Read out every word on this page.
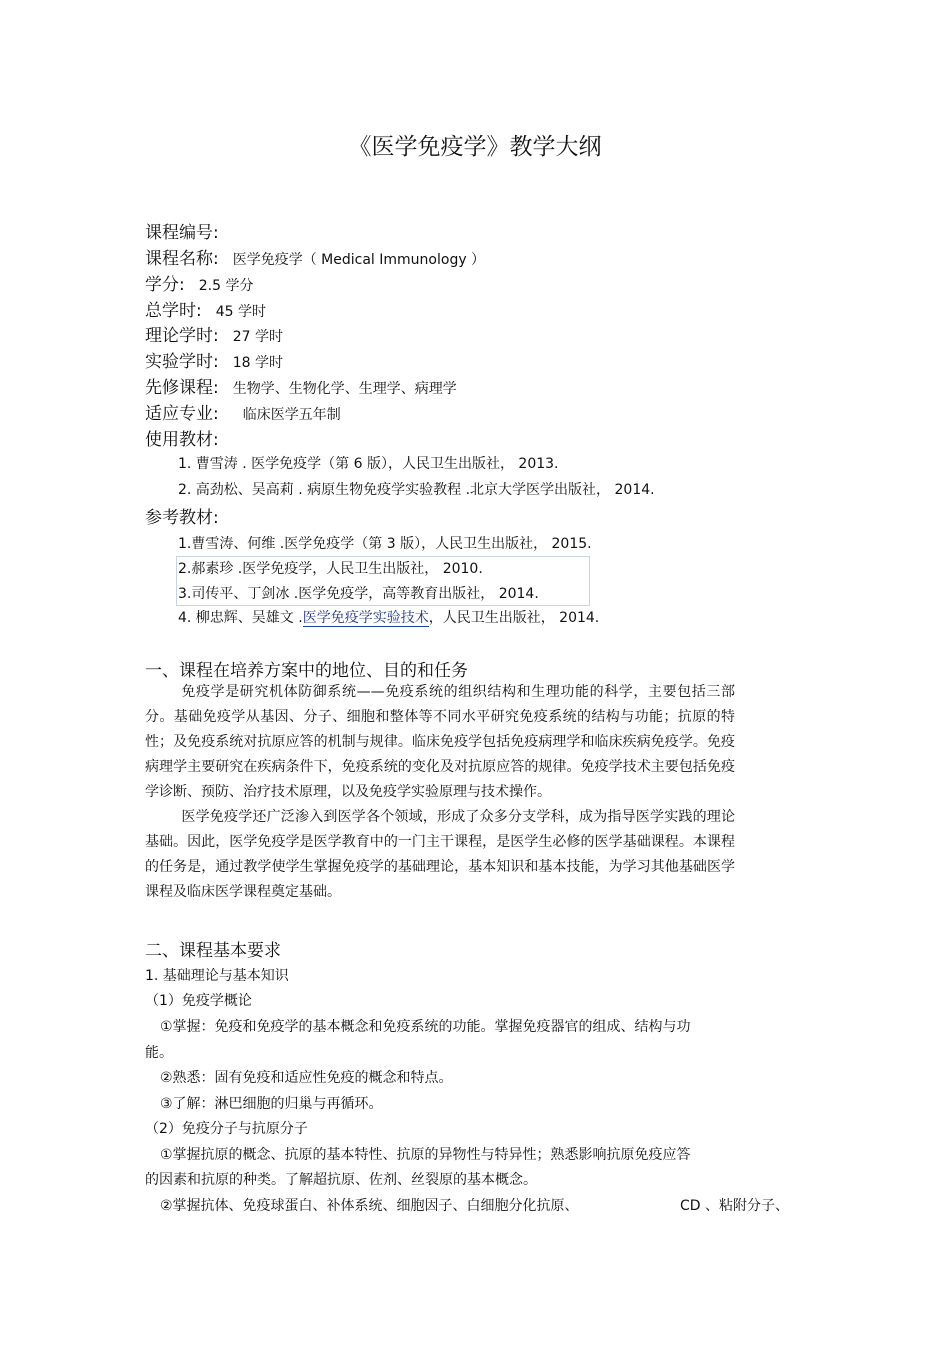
《医学免疫学》教学大纲
课程编号:
课程名称: 医学免疫学（ Medical Immunology ）
学分: 2.5 学分
总学时: 45 学时
理论学时: 27 学时
实验学时: 18 学时
先修课程: 生物学、生物化学、生理学、病理学
适应专业: 临床医学五年制
使用教材:
1. 曹雪涛 . 医学免疫学（第 6 版），人民卫生出版社， 2013.
2. 高劲松、吴高莉 . 病原生物免疫学实验教程 .北京大学医学出版社， 2014.
参考教材:
1.曹雪涛、何维 .医学免疫学（第 3 版），人民卫生出版社， 2015.
2.郝素珍 .医学免疫学，人民卫生出版社， 2010.
3.司传平、丁剑冰 .医学免疫学，高等教育出版社， 2014.
4. 柳忠辉、吴雄文 .医学免疫学实验技术，人民卫生出版社， 2014.
一、课程在培养方案中的地位、目的和任务

免疫学是研究机体防御系统——免疫系统的组织结构和生理功能的科学，主要包括三部分。基础免疫学从基因、分子、细胞和整体等不同水平研究免疫系统的结构与功能；抗原的特性；及免疫系统对抗原应答的机制与规律。临床免疫学包括免疫病理学和临床疾病免疫学。免疫病理学主要研究在疾病条件下，免疫系统的变化及对抗原应答的规律。免疫学技术主要包括免疫学诊断、预防、治疗技术原理，以及免疫学实验原理与技术操作。

医学免疫学还广泛渗入到医学各个领域，形成了众多分支学科，成为指导医学实践的理论基础。因此，医学免疫学是医学教育中的一门主干课程，是医学生必修的医学基础课程。本课程的任务是，通过教学使学生掌握免疫学的基础理论，基本知识和基本技能，为学习其他基础医学课程及临床医学课程奠定基础。

二、课程基本要求
1. 基础理论与基本知识
（1）免疫学概论
①掌握：免疫和免疫学的基本概念和免疫系统的功能。掌握免疫器官的组成、结构与功
能。
②熟悉：固有免疫和适应性免疫的概念和特点。
③了解：淋巴细胞的归巢与再循环。
（2）免疫分子与抗原分子
①掌握抗原的概念、抗原的基本特性、抗原的异物性与特异性；熟悉影响抗原免疫应答
的因素和抗原的种类。了解超抗原、佐剂、丝裂原的基本概念。
②掌握抗体、免疫球蛋白、补体系统、细胞因子、白细胞分化抗原、	CD 、粘附分子、
